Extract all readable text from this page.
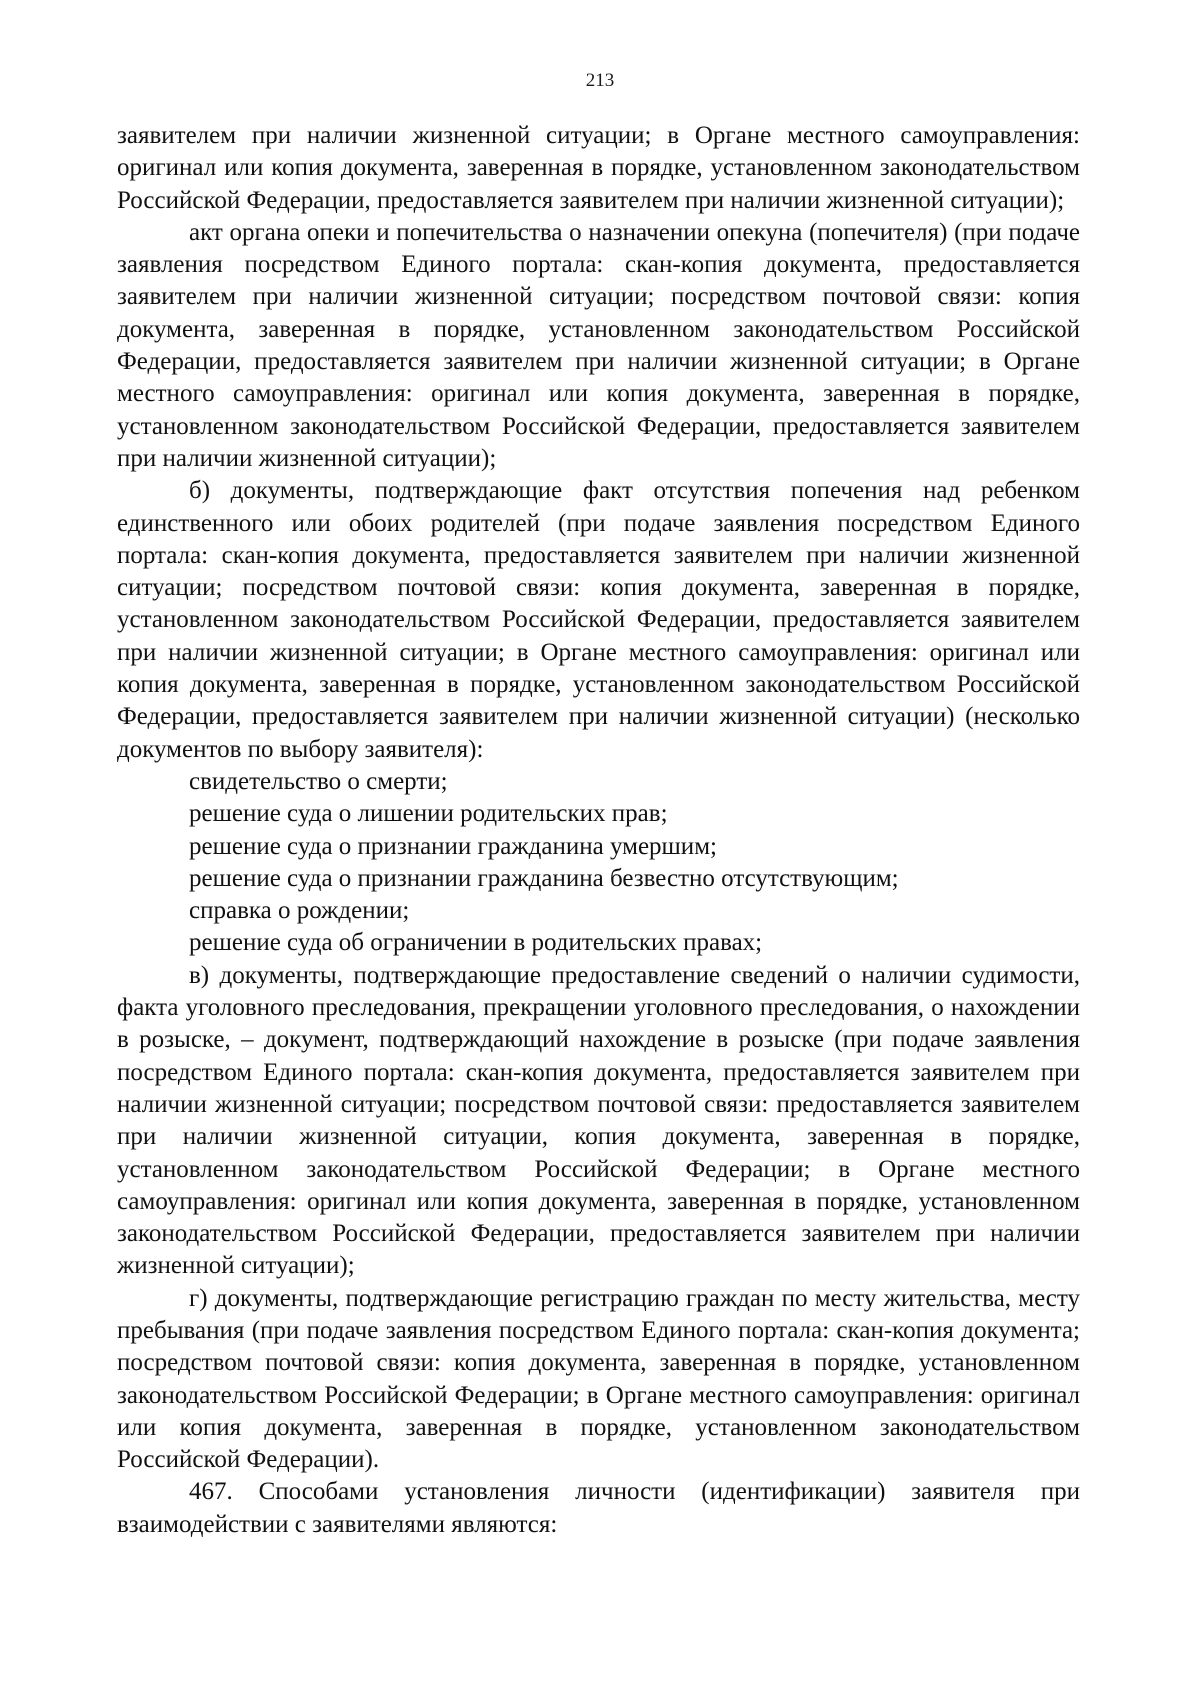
213

заявителем при наличии жизненной ситуации; в Органе местного самоуправления: оригинал или копия документа, заверенная в порядке, установленном законодательством Российской Федерации, предоставляется заявителем при наличии жизненной ситуации);

акт органа опеки и попечительства о назначении опекуна (попечителя) (при подаче заявления посредством Единого портала: скан-копия документа, предоставляется заявителем при наличии жизненной ситуации; посредством почтовой связи: копия документа, заверенная в порядке, установленном законодательством Российской Федерации, предоставляется заявителем при наличии жизненной ситуации; в Органе местного самоуправления: оригинал или копия документа, заверенная в порядке, установленном законодательством Российской Федерации, предоставляется заявителем при наличии жизненной ситуации);

б) документы, подтверждающие факт отсутствия попечения над ребенком единственного или обоих родителей (при подаче заявления посредством Единого портала: скан-копия документа, предоставляется заявителем при наличии жизненной ситуации; посредством почтовой связи: копия документа, заверенная в порядке, установленном законодательством Российской Федерации, предоставляется заявителем при наличии жизненной ситуации; в Органе местного самоуправления: оригинал или копия документа, заверенная в порядке, установленном законодательством Российской Федерации, предоставляется заявителем при наличии жизненной ситуации) (несколько документов по выбору заявителя):

свидетельство о смерти;

решение суда о лишении родительских прав;

решение суда о признании гражданина умершим;

решение суда о признании гражданина безвестно отсутствующим;

справка о рождении;

решение суда об ограничении в родительских правах;

в) документы, подтверждающие предоставление сведений о наличии судимости, факта уголовного преследования, прекращении уголовного преследования, о нахождении в розыске, – документ, подтверждающий нахождение в розыске (при подаче заявления посредством Единого портала: скан-копия документа, предоставляется заявителем при наличии жизненной ситуации; посредством почтовой связи: предоставляется заявителем при наличии жизненной ситуации, копия документа, заверенная в порядке, установленном законодательством Российской Федерации; в Органе местного самоуправления: оригинал или копия документа, заверенная в порядке, установленном законодательством Российской Федерации, предоставляется заявителем при наличии жизненной ситуации);

г) документы, подтверждающие регистрацию граждан по месту жительства, месту пребывания (при подаче заявления посредством Единого портала: скан-копия документа; посредством почтовой связи: копия документа, заверенная в порядке, установленном законодательством Российской Федерации; в Органе местного самоуправления: оригинал или копия документа, заверенная в порядке, установленном законодательством Российской Федерации).

467. Способами установления личности (идентификации) заявителя при взаимодействии с заявителями являются:
